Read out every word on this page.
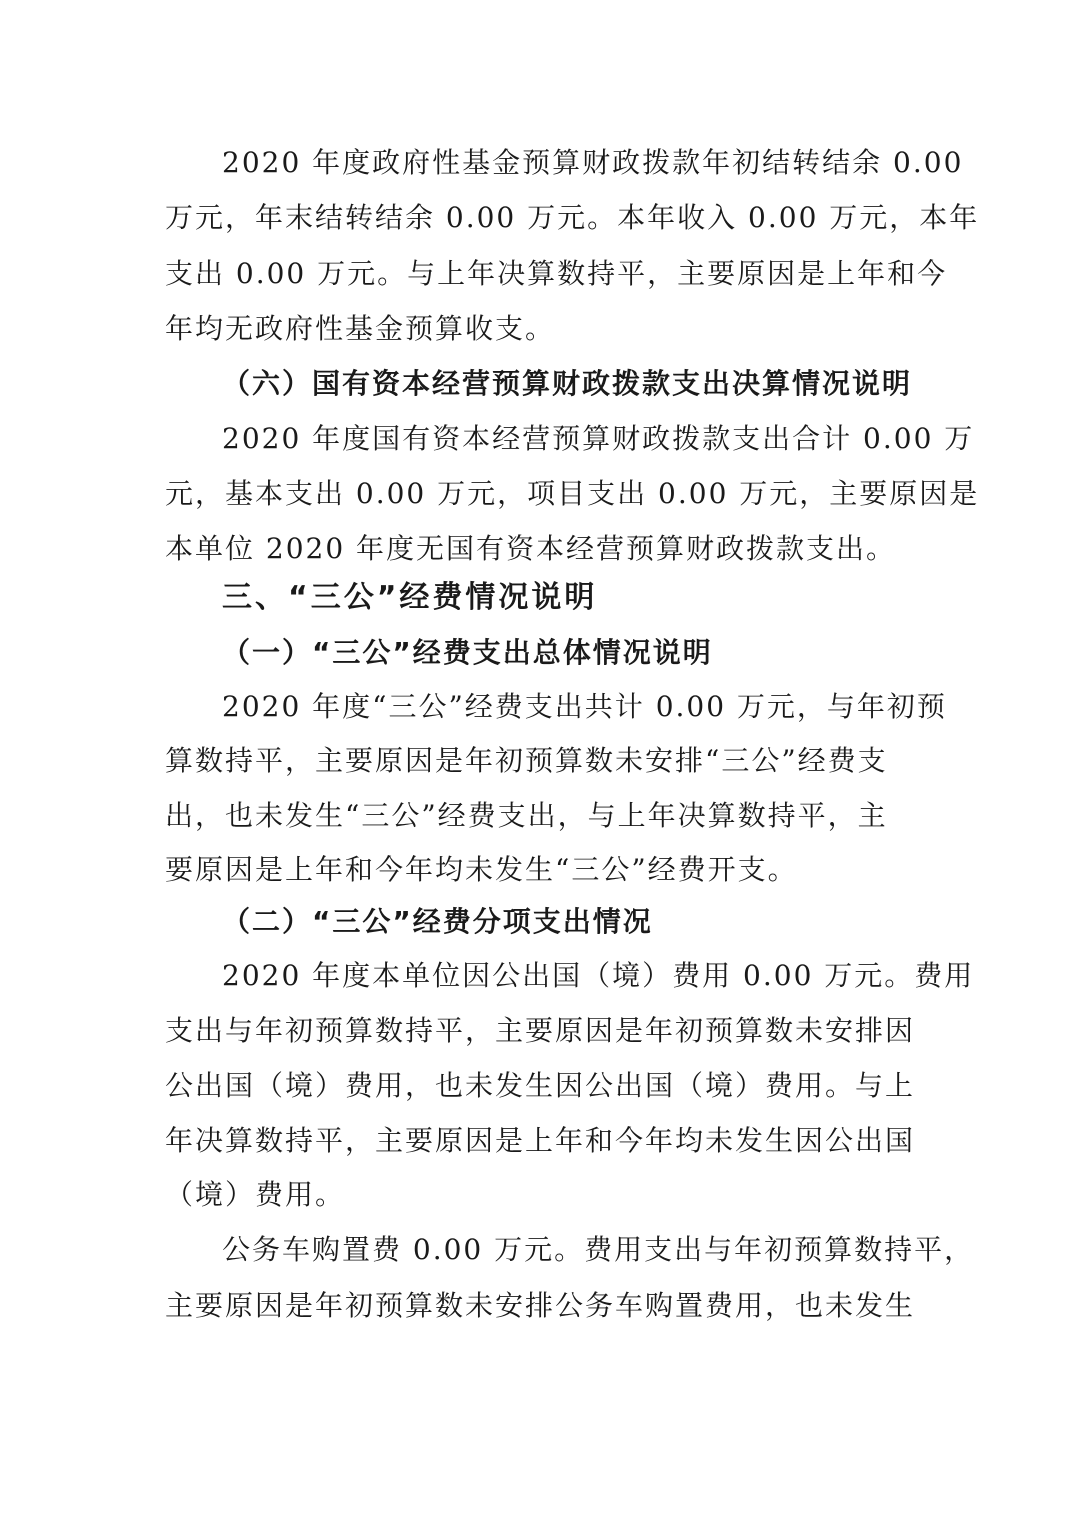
2020 年度政府性基金预算财政拨款年初结转结余 0.00
万元，年末结转结余 0.00 万元。本年收入 0.00 万元，本年
支出 0.00 万元。与上年决算数持平，主要原因是上年和今
年均无政府性基金预算收支。
（六）国有资本经营预算财政拨款支出决算情况说明
2020 年度国有资本经营预算财政拨款支出合计 0.00 万
元，基本支出 0.00 万元，项目支出 0.00 万元，主要原因是
本单位 2020 年度无国有资本经营预算财政拨款支出。
三、“三公”经费情况说明
（一）“三公”经费支出总体情况说明
2020 年度“三公”经费支出共计 0.00 万元，与年初预
算数持平，主要原因是年初预算数未安排“三公”经费支
出，也未发生“三公”经费支出，与上年决算数持平，主
要原因是上年和今年均未发生“三公”经费开支。
（二）“三公”经费分项支出情况
2020 年度本单位因公出国（境）费用 0.00 万元。费用
支出与年初预算数持平，主要原因是年初预算数未安排因
公出国（境）费用，也未发生因公出国（境）费用。与上
年决算数持平，主要原因是上年和今年均未发生因公出国
（境）费用。
公务车购置费 0.00 万元。费用支出与年初预算数持平，
主要原因是年初预算数未安排公务车购置费用，也未发生
